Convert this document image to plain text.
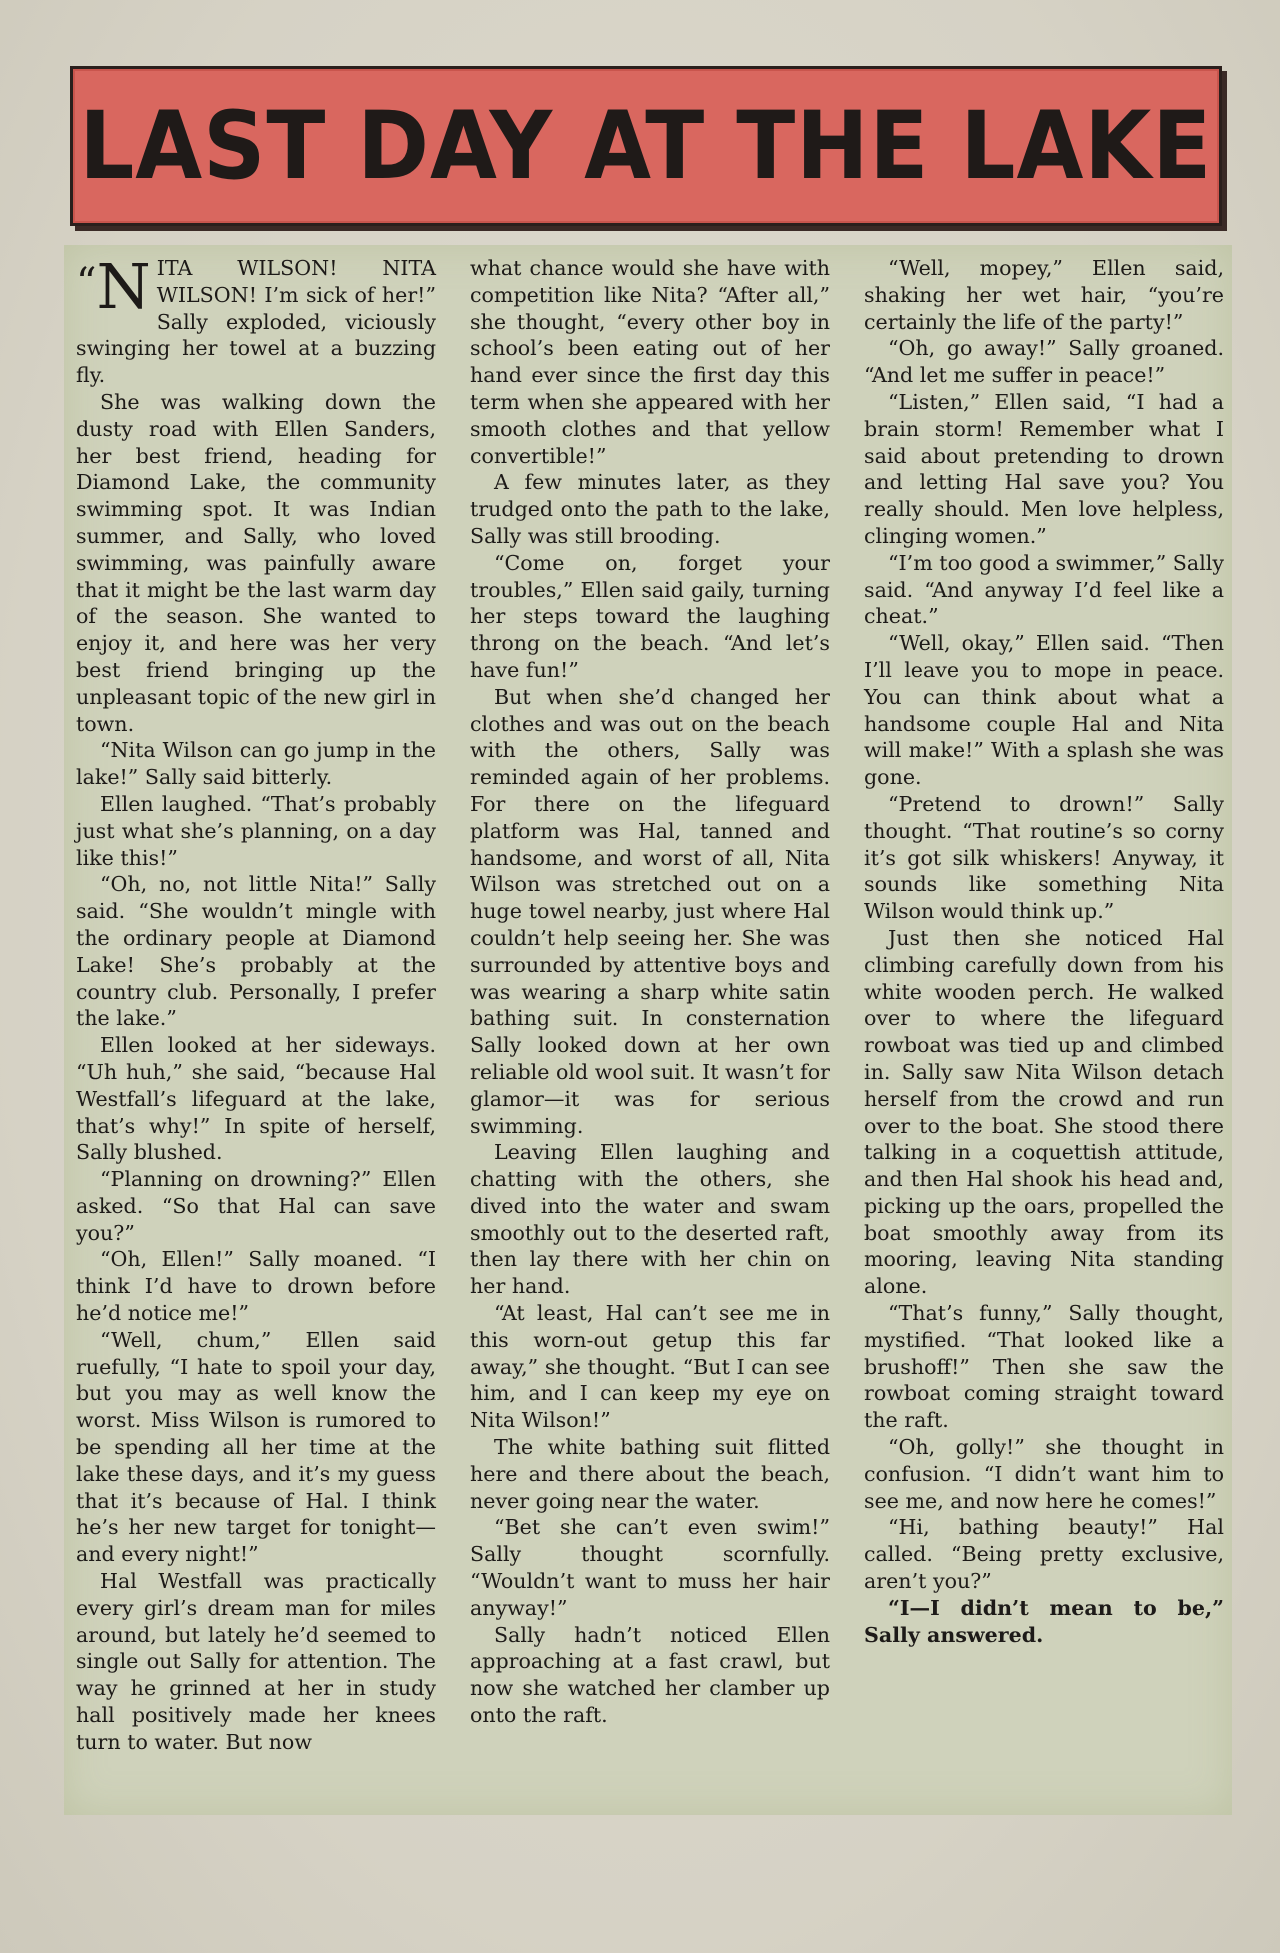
LAST DAY AT THE LAKE

“N ITA WILSON! NITA WILSON! I’m sick of her!” Sally exploded, viciously swinging her towel at a buzzing fly.

She was walking down the dusty road with Ellen Sanders, her best friend, heading for Diamond Lake, the community swimming spot. It was Indian summer, and Sally, who loved swimming, was painfully aware that it might be the last warm day of the season. She wanted to enjoy it, and here was her very best friend bringing up the unpleasant topic of the new girl in town.

“Nita Wilson can go jump in the lake!” Sally said bitterly.

Ellen laughed. “That’s probably just what she’s planning, on a day like this!”

“Oh, no, not little Nita!” Sally said. “She wouldn’t mingle with the ordinary people at Diamond Lake! She’s probably at the country club. Personally, I prefer the lake.”

Ellen looked at her sideways. “Uh huh,” she said, “because Hal Westfall’s lifeguard at the lake, that’s why!” In spite of herself, Sally blushed.

“Planning on drowning?” Ellen asked. “So that Hal can save you?”

“Oh, Ellen!” Sally moaned. “I think I’d have to drown before he’d notice me!”

“Well, chum,” Ellen said ruefully, “I hate to spoil your day, but you may as well know the worst. Miss Wilson is rumored to be spending all her time at the lake these days, and it’s my guess that it’s because of Hal. I think he’s her new target for tonight—and every night!”

Hal Westfall was practically every girl’s dream man for miles around, but lately he’d seemed to single out Sally for attention. The way he grinned at her in study hall positively made her knees turn to water. But now

what chance would she have with competition like Nita? “After all,” she thought, “every other boy in school’s been eating out of her hand ever since the first day this term when she appeared with her smooth clothes and that yellow convertible!”

A few minutes later, as they trudged onto the path to the lake, Sally was still brooding.

“Come on, forget your troubles,” Ellen said gaily, turning her steps toward the laughing throng on the beach. “And let’s have fun!”

But when she’d changed her clothes and was out on the beach with the others, Sally was reminded again of her problems. For there on the lifeguard platform was Hal, tanned and handsome, and worst of all, Nita Wilson was stretched out on a huge towel nearby, just where Hal couldn’t help seeing her. She was surrounded by attentive boys and was wearing a sharp white satin bathing suit. In consternation Sally looked down at her own reliable old wool suit. It wasn’t for glamor—it was for serious swimming.

Leaving Ellen laughing and chatting with the others, she dived into the water and swam smoothly out to the deserted raft, then lay there with her chin on her hand.

“At least, Hal can’t see me in this worn-out getup this far away,” she thought. “But I can see him, and I can keep my eye on Nita Wilson!”

The white bathing suit flitted here and there about the beach, never going near the water.

“Bet she can’t even swim!” Sally thought scornfully. “Wouldn’t want to muss her hair anyway!”

Sally hadn’t noticed Ellen approaching at a fast crawl, but now she watched her clamber up onto the raft.

“Well, mopey,” Ellen said, shaking her wet hair, “you’re certainly the life of the party!”

“Oh, go away!” Sally groaned. “And let me suffer in peace!”

“Listen,” Ellen said, “I had a brain storm! Remember what I said about pretending to drown and letting Hal save you? You really should. Men love helpless, clinging women.”

“I’m too good a swimmer,” Sally said. “And anyway I’d feel like a cheat.”

“Well, okay,” Ellen said. “Then I’ll leave you to mope in peace. You can think about what a handsome couple Hal and Nita will make!” With a splash she was gone.

“Pretend to drown!” Sally thought. “That routine’s so corny it’s got silk whiskers! Anyway, it sounds like something Nita Wilson would think up.”

Just then she noticed Hal climbing carefully down from his white wooden perch. He walked over to where the lifeguard rowboat was tied up and climbed in. Sally saw Nita Wilson detach herself from the crowd and run over to the boat. She stood there talking in a coquettish attitude, and then Hal shook his head and, picking up the oars, propelled the boat smoothly away from its mooring, leaving Nita standing alone.

“That’s funny,” Sally thought, mystified. “That looked like a brushoff!” Then she saw the rowboat coming straight toward the raft.

“Oh, golly!” she thought in confusion. “I didn’t want him to see me, and now here he comes!”

“Hi, bathing beauty!” Hal called. “Being pretty exclusive, aren’t you?”

“I—I didn’t mean to be,” Sally answered.
